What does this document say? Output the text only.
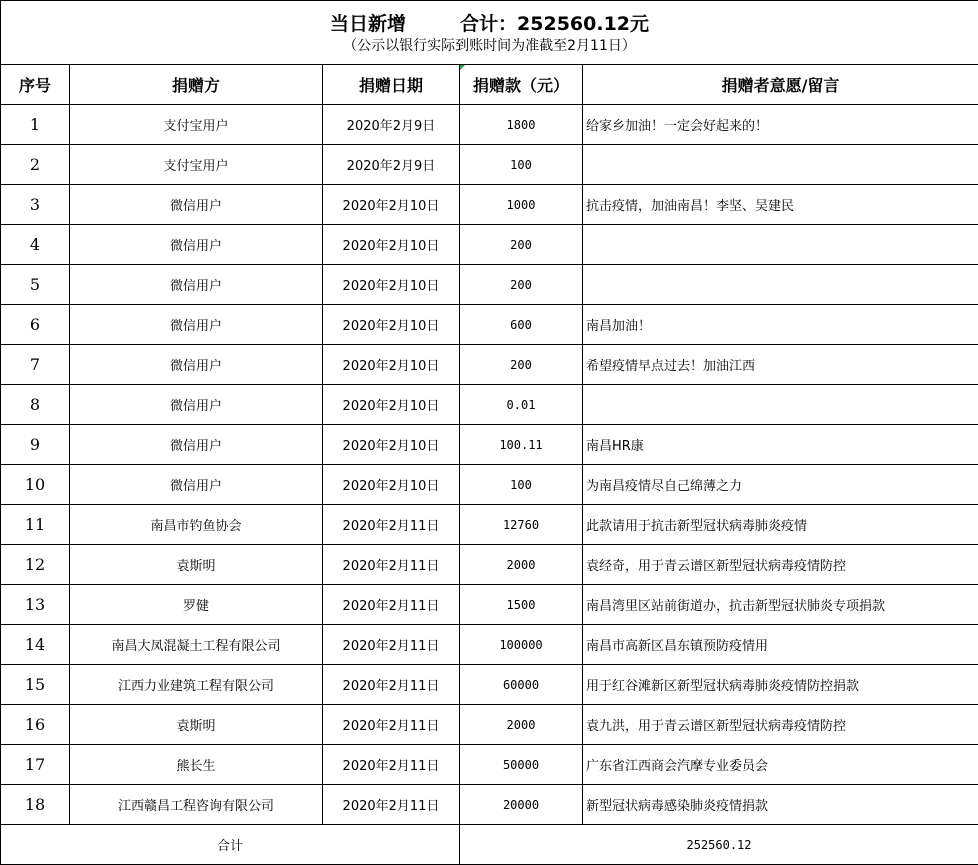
当日新增 合计：252560.12元
（公示以银行实际到账时间为准截至2月11日）				

序号	捐赠方	捐赠日期	捐赠款（元）	捐赠者意愿/留言
1	支付宝用户	2020年2月9日	1800	给家乡加油！一定会好起来的！
2	支付宝用户	2020年2月9日	100	
3	微信用户	2020年2月10日	1000	抗击疫情，加油南昌！李坚、吴建民
4	微信用户	2020年2月10日	200	
5	微信用户	2020年2月10日	200	
6	微信用户	2020年2月10日	600	南昌加油！
7	微信用户	2020年2月10日	200	希望疫情早点过去！加油江西
8	微信用户	2020年2月10日	0.01	
9	微信用户	2020年2月10日	100.11	南昌HR康
10	微信用户	2020年2月10日	100	为南昌疫情尽自己绵薄之力
11	南昌市钓鱼协会	2020年2月11日	12760	此款请用于抗击新型冠状病毒肺炎疫情
12	袁斯明	2020年2月11日	2000	袁经奇，用于青云谱区新型冠状病毒疫情防控
13	罗健	2020年2月11日	1500	南昌湾里区站前街道办，抗击新型冠状肺炎专项捐款
14	南昌大凤混凝土工程有限公司	2020年2月11日	100000	南昌市高新区昌东镇预防疫情用
15	江西力业建筑工程有限公司	2020年2月11日	60000	用于红谷滩新区新型冠状病毒肺炎疫情防控捐款
16	袁斯明	2020年2月11日	2000	袁九洪，用于青云谱区新型冠状病毒疫情防控
17	熊长生	2020年2月11日	50000	广东省江西商会汽摩专业委员会
18	江西赣昌工程咨询有限公司	2020年2月11日	20000	新型冠状病毒感染肺炎疫情捐款
合计			252560.12	
